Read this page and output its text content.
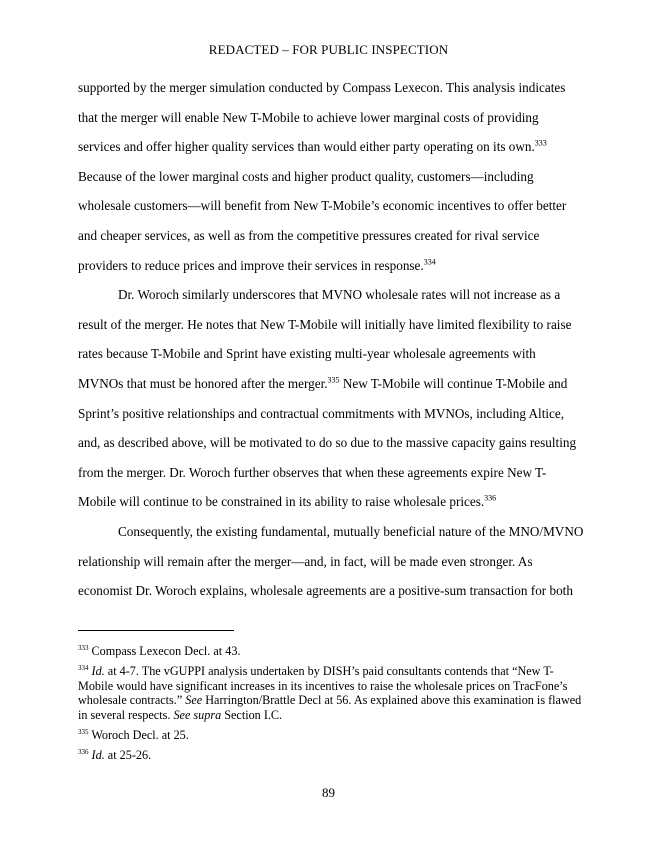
REDACTED – FOR PUBLIC INSPECTION

supported by the merger simulation conducted by Compass Lexecon. This analysis indicates that the merger will enable New T-Mobile to achieve lower marginal costs of providing services and offer higher quality services than would either party operating on its own.$^{333}$ Because of the lower marginal costs and higher product quality, customers—including wholesale customers—will benefit from New T-Mobile’s economic incentives to offer better and cheaper services, as well as from the competitive pressures created for rival service providers to reduce prices and improve their services in response.$^{334}$

Dr. Woroch similarly underscores that MVNO wholesale rates will not increase as a result of the merger. He notes that New T-Mobile will initially have limited flexibility to raise rates because T-Mobile and Sprint have existing multi-year wholesale agreements with MVNOs that must be honored after the merger.$^{335}$ New T-Mobile will continue T-Mobile and Sprint’s positive relationships and contractual commitments with MVNOs, including Altice, and, as described above, will be motivated to do so due to the massive capacity gains resulting from the merger. Dr. Woroch further observes that when these agreements expire New T-Mobile will continue to be constrained in its ability to raise wholesale prices.$^{336}$

Consequently, the existing fundamental, mutually beneficial nature of the MNO/MVNO relationship will remain after the merger—and, in fact, will be made even stronger. As economist Dr. Woroch explains, wholesale agreements are a positive-sum transaction for both

$^{333}$ Compass Lexecon Decl. at 43.

$^{334}$ Id. at 4-7. The vGUPPI analysis undertaken by DISH’s paid consultants contends that “New T-Mobile would have significant increases in its incentives to raise the wholesale prices on TracFone’s wholesale contracts.” See Harrington/Brattle Decl at 56. As explained above this examination is flawed in several respects. See supra Section I.C.

$^{335}$ Woroch Decl. at 25.

$^{336}$ Id. at 25-26.

89
